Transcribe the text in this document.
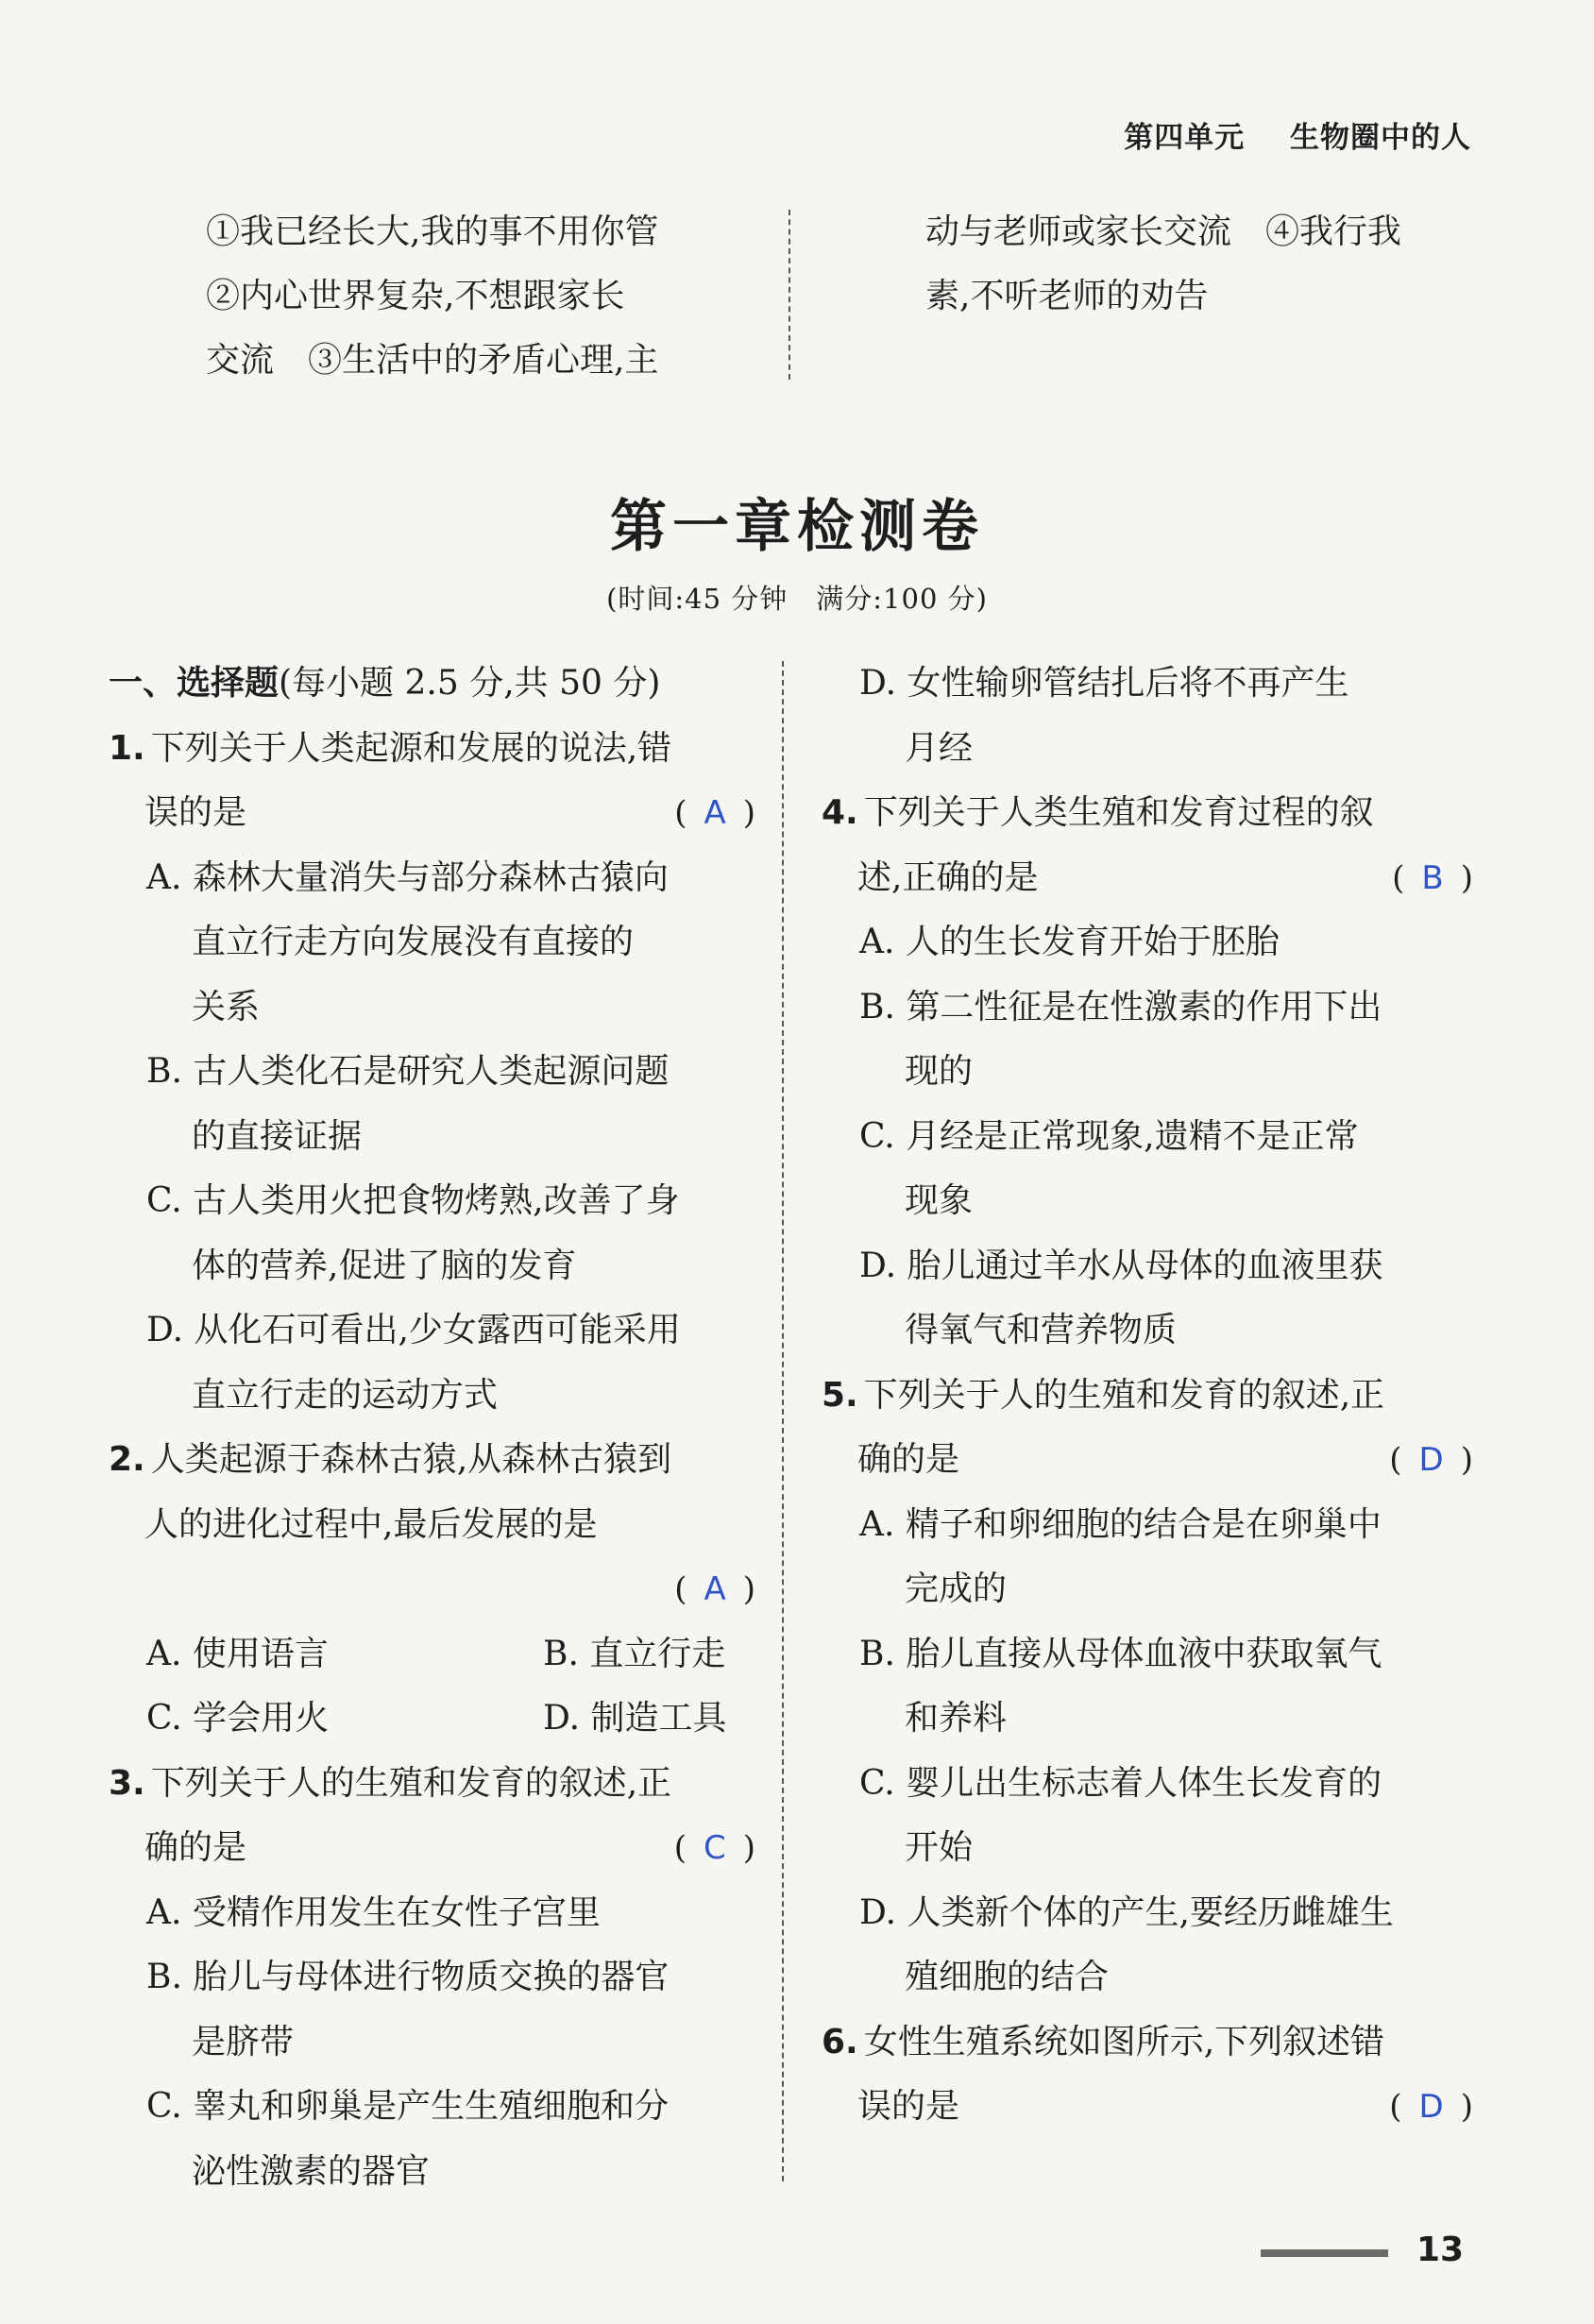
第四单元 生物圈中的人
①我已经长大,我的事不用你管
②内心世界复杂,不想跟家长
交流　③生活中的矛盾心理,主
动与老师或家长交流　④我行我
素,不听老师的劝告
第一章检测卷
(时间:45 分钟　满分:100 分)
一、选择题(每小题 2.5 分,共 50 分)
1. 下列关于人类起源和发展的说法,错
误的是	( A )
A. 森林大量消失与部分森林古猿向
直立行走方向发展没有直接的
关系
B. 古人类化石是研究人类起源问题
的直接证据
C. 古人类用火把食物烤熟,改善了身
体的营养,促进了脑的发育
D. 从化石可看出,少女露西可能采用
直立行走的运动方式
2. 人类起源于森林古猿,从森林古猿到
人的进化过程中,最后发展的是
( A )
A. 使用语言	B. 直立行走
C. 学会用火	D. 制造工具
3. 下列关于人的生殖和发育的叙述,正
确的是	( C )
A. 受精作用发生在女性子宫里
B. 胎儿与母体进行物质交换的器官
是脐带
C. 睾丸和卵巢是产生生殖细胞和分
泌性激素的器官
D. 女性输卵管结扎后将不再产生
月经
4. 下列关于人类生殖和发育过程的叙
述,正确的是	( B )
A. 人的生长发育开始于胚胎
B. 第二性征是在性激素的作用下出
现的
C. 月经是正常现象,遗精不是正常
现象
D. 胎儿通过羊水从母体的血液里获
得氧气和营养物质
5. 下列关于人的生殖和发育的叙述,正
确的是	( D )
A. 精子和卵细胞的结合是在卵巢中
完成的
B. 胎儿直接从母体血液中获取氧气
和养料
C. 婴儿出生标志着人体生长发育的
开始
D. 人类新个体的产生,要经历雌雄生
殖细胞的结合
6. 女性生殖系统如图所示,下列叙述错
误的是	( D )
13
